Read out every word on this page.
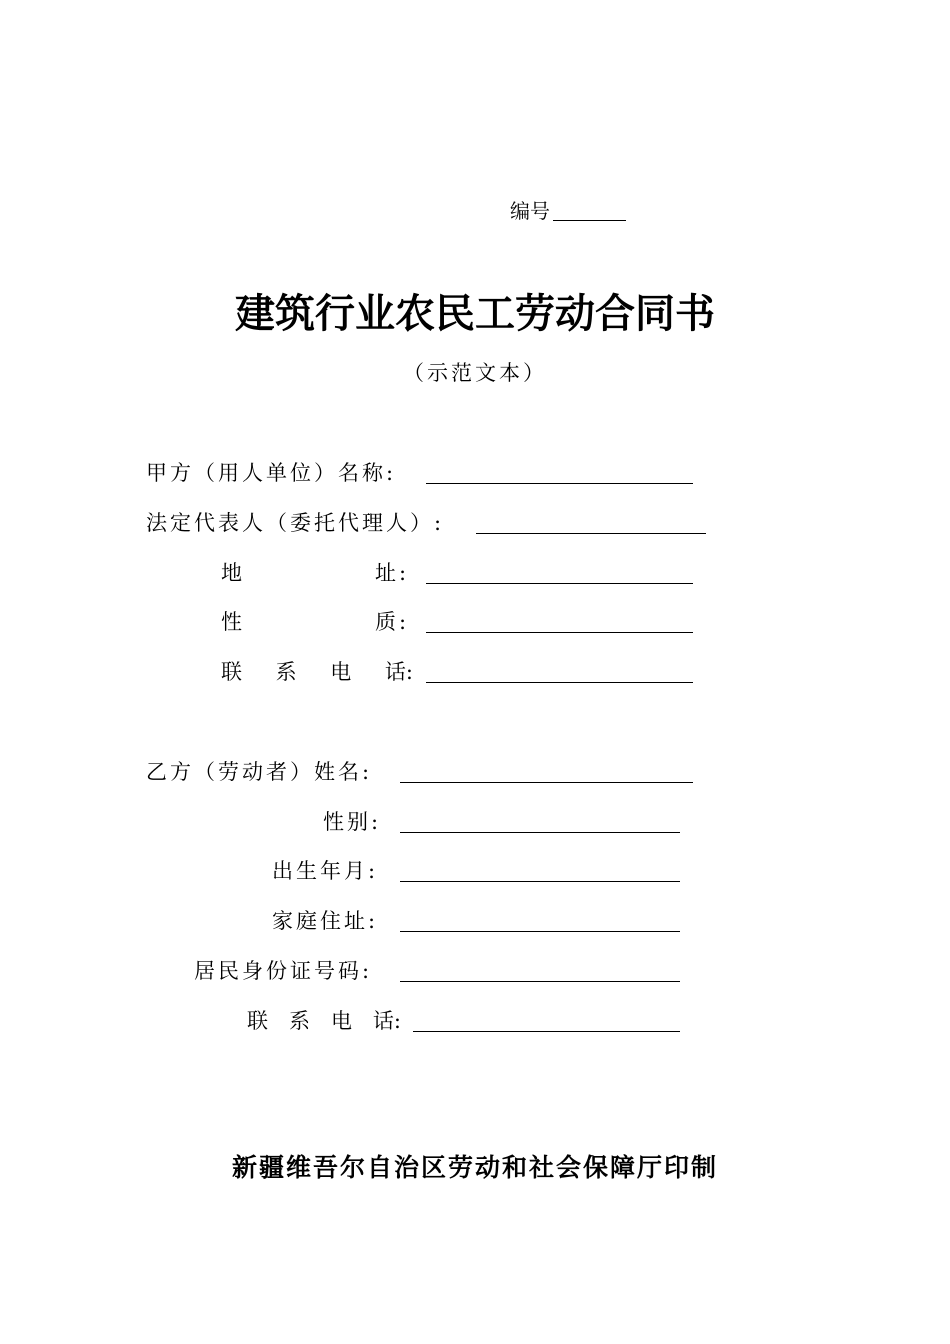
编号
建筑行业农民工劳动合同书
（示范文本）
甲方（用人单位）名称:
法定代表人（委托代理人）:
地	址:
性	质:
联 系 电 话:
乙方（劳动者）姓名:
性别:
出生年月:
家庭住址:
居民身份证号码:
联 系 电 话:
新疆维吾尔自治区劳动和社会保障厅印制
